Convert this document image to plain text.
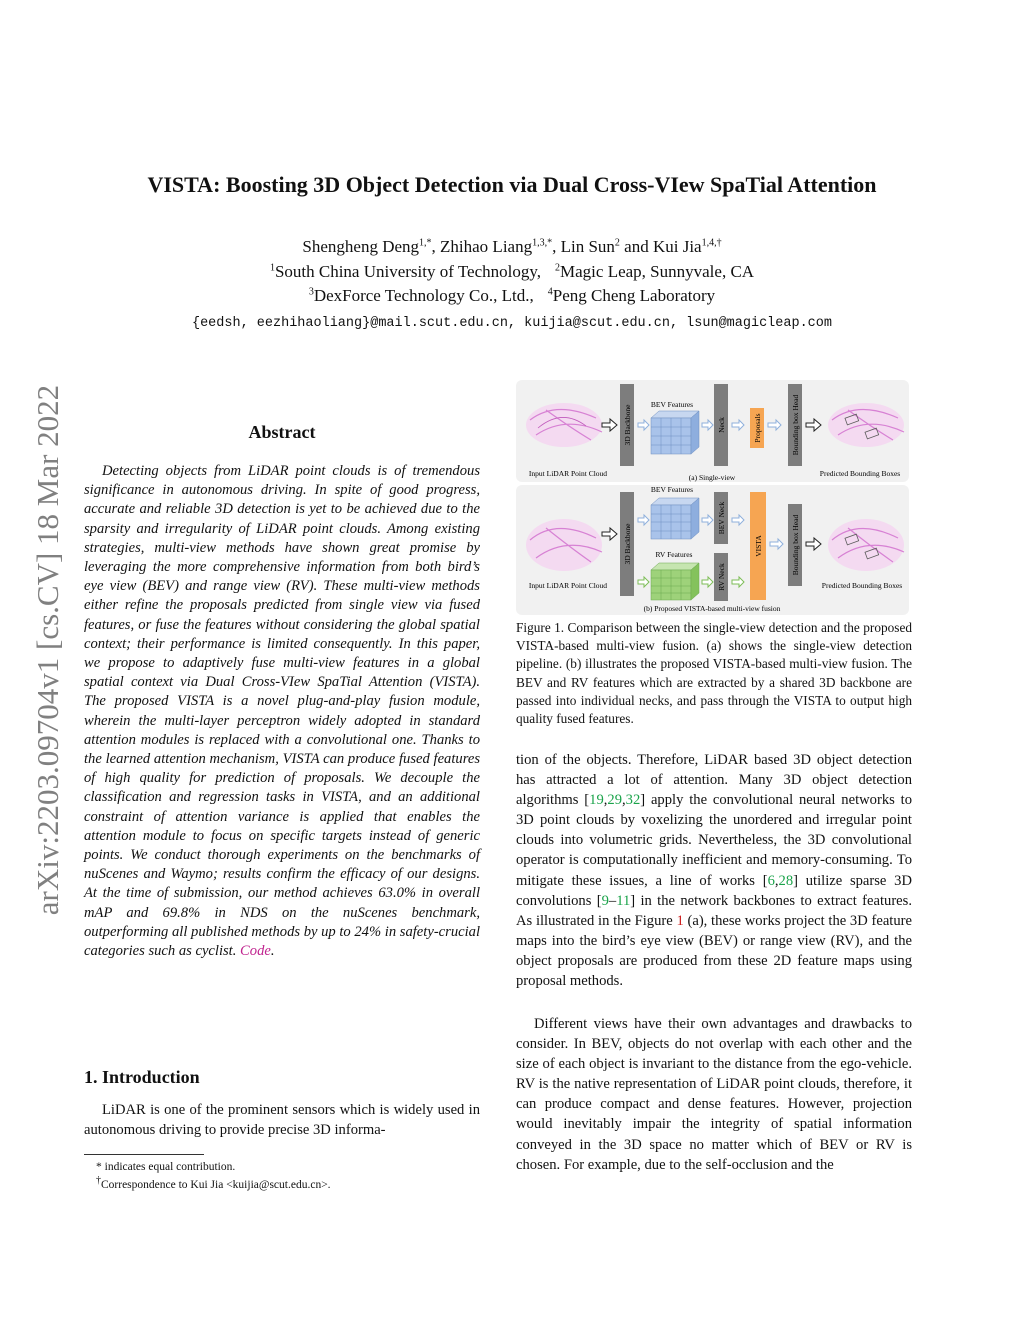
arXiv:2203.09704v1 [cs.CV] 18 Mar 2022
VISTA: Boosting 3D Object Detection via Dual Cross-VIew SpaTial Attention
Shengheng Deng$^{1,*}$, Zhihao Liang$^{1,3,*}$, Lin Sun$^2$ and Kui Jia$^{1,4,\dagger}$
$^1$South China University of Technology, $^2$Magic Leap, Sunnyvale, CA
$^3$DexForce Technology Co., Ltd., $^4$Peng Cheng Laboratory
{eedsh, eezhihaoliang}@mail.scut.edu.cn, kuijia@scut.edu.cn, lsun@magicleap.com
Abstract
Detecting objects from LiDAR point clouds is of tremendous significance in autonomous driving. In spite of good progress, accurate and reliable 3D detection is yet to be achieved due to the sparsity and irregularity of LiDAR point clouds. Among existing strategies, multi-view methods have shown great promise by leveraging the more comprehensive information from both bird’s eye view (BEV) and range view (RV). These multi-view methods either refine the proposals predicted from single view via fused features, or fuse the features without considering the global spatial context; their performance is limited consequently. In this paper, we propose to adaptively fuse multi-view features in a global spatial context via Dual Cross-VIew SpaTial Attention (VISTA). The proposed VISTA is a novel plug-and-play fusion module, wherein the multi-layer perceptron widely adopted in standard attention modules is replaced with a convolutional one. Thanks to the learned attention mechanism, VISTA can produce fused features of high quality for prediction of proposals. We decouple the classification and regression tasks in VISTA, and an additional constraint of attention variance is applied that enables the attention module to focus on specific targets instead of generic points. We conduct thorough experiments on the benchmarks of nuScenes and Waymo; results confirm the efficacy of our designs. At the time of submission, our method achieves 63.0% in overall mAP and 69.8% in NDS on the nuScenes benchmark, outperforming all published methods by up to 24% in safety-crucial categories such as cyclist. Code.
1. Introduction
LiDAR is one of the prominent sensors which is widely used in autonomous driving to provide precise 3D informa-
* indicates equal contribution.
†Correspondence to Kui Jia <kuijia@scut.edu.cn>.
3D Backbone	BEV Features
Neck	Proposals	Bounding box Head
Input LiDAR Point Cloud	Predicted Bounding Boxes
(a) Single-view
3D Backbone
BEV Features
RV Features
BEV Neck
RV Neck
VISTA	Bounding box Head
Input LiDAR Point Cloud	Predicted Bounding Boxes
(b) Proposed VISTA-based multi-view fusion
Figure 1. Comparison between the single-view detection and the proposed VISTA-based multi-view fusion. (a) shows the single-view detection pipeline. (b) illustrates the proposed VISTA-based multi-view fusion. The BEV and RV features which are extracted by a shared 3D backbone are passed into individual necks, and pass through the VISTA to output high quality fused features.
tion of the objects. Therefore, LiDAR based 3D object detection has attracted a lot of attention. Many 3D object detection algorithms [19,29,32] apply the convolutional neural networks to 3D point clouds by voxelizing the unordered and irregular point clouds into volumetric grids. Nevertheless, the 3D convolutional operator is computationally inefficient and memory-consuming. To mitigate these issues, a line of works [6,28] utilize sparse 3D convolutions [9–11] in the network backbones to extract features. As illustrated in the Figure 1 (a), these works project the 3D feature maps into the bird’s eye view (BEV) or range view (RV), and the object proposals are produced from these 2D feature maps using proposal methods.
Different views have their own advantages and drawbacks to consider. In BEV, objects do not overlap with each other and the size of each object is invariant to the distance from the ego-vehicle. RV is the native representation of LiDAR point clouds, therefore, it can produce compact and dense features. However, projection would inevitably impair the integrity of spatial information conveyed in the 3D space no matter which of BEV or RV is chosen. For example, due to the self-occlusion and the
